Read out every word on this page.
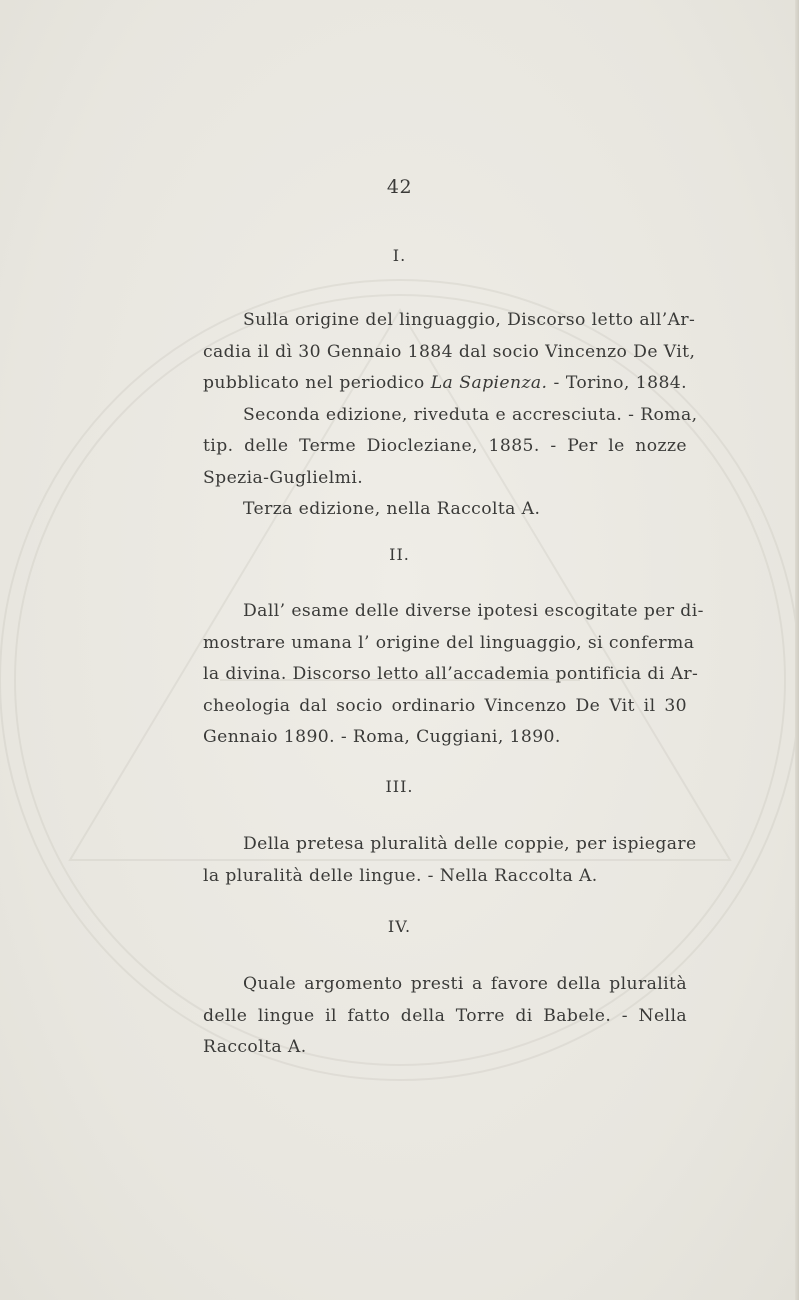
42
I.
Sulla origine del linguaggio, Discorso letto all’Ar-
cadia il dì 30 Gennaio 1884 dal socio Vincenzo De Vit,
pubblicato nel periodico La Sapienza. - Torino, 1884.
Seconda edizione, riveduta e accresciuta. - Roma,
tip. delle Terme Diocleziane, 1885. - Per le nozze
Spezia-Guglielmi.
Terza edizione, nella Raccolta A.
II.
Dall’ esame delle diverse ipotesi escogitate per di-
mostrare umana l’ origine del linguaggio, si conferma
la divina. Discorso letto all’accademia pontificia di Ar-
cheologia dal socio ordinario Vincenzo De Vit il 30
Gennaio 1890. - Roma, Cuggiani, 1890.
III.
Della pretesa pluralità delle coppie, per ispiegare
la pluralità delle lingue. - Nella Raccolta A.
IV.
Quale argomento presti a favore della pluralità
delle lingue il fatto della Torre di Babele. - Nella
Raccolta A.
